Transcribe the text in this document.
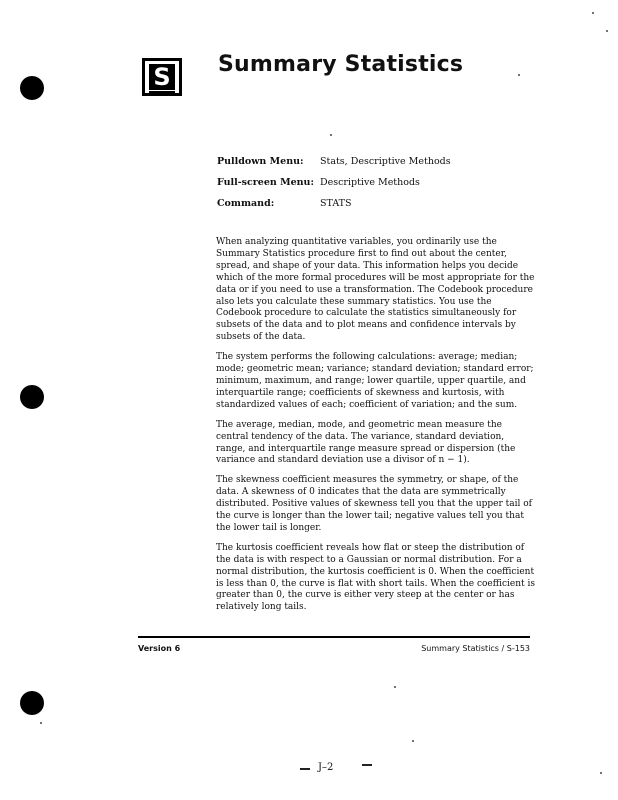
S Summary Statistics
Pulldown Menu:	Stats, Descriptive Methods
Full-screen Menu: Descriptive Methods
Command:	STATS

When analyzing quantitative variables, you ordinarily use the Summary Statistics procedure first to find out about the center, spread, and shape of your data. This information helps you decide which of the more formal procedures will be most appropriate for the data or if you need to use a transformation. The Codebook procedure also lets you calculate these summary statistics. You use the Codebook procedure to calculate the statistics simultaneously for subsets of the data and to plot means and confidence intervals by subsets of the data.

The system performs the following calculations: average; median; mode; geometric mean; variance; standard deviation; standard error; minimum, maximum, and range; lower quartile, upper quartile, and interquartile range; coefficients of skewness and kurtosis, with standardized values of each; coefficient of variation; and the sum.

The average, median, mode, and geometric mean measure the central tendency of the data. The variance, standard deviation, range, and interquartile range measure spread or dispersion (the variance and standard deviation use a divisor of n − 1).

The skewness coefficient measures the symmetry, or shape, of the data. A skewness of 0 indicates that the data are symmetrically distributed. Positive values of skewness tell you that the upper tail of the curve is longer than the lower tail; negative values tell you that the lower tail is longer.

The kurtosis coefficient reveals how flat or steep the distribution of the data is with respect to a Gaussian or normal distribution. For a normal distribution, the kurtosis coefficient is 0. When the coefficient is less than 0, the curve is flat with short tails. When the coefficient is greater than 0, the curve is either very steep at the center or has relatively long tails.

Version 6	Summary Statistics / S-153
J–2
